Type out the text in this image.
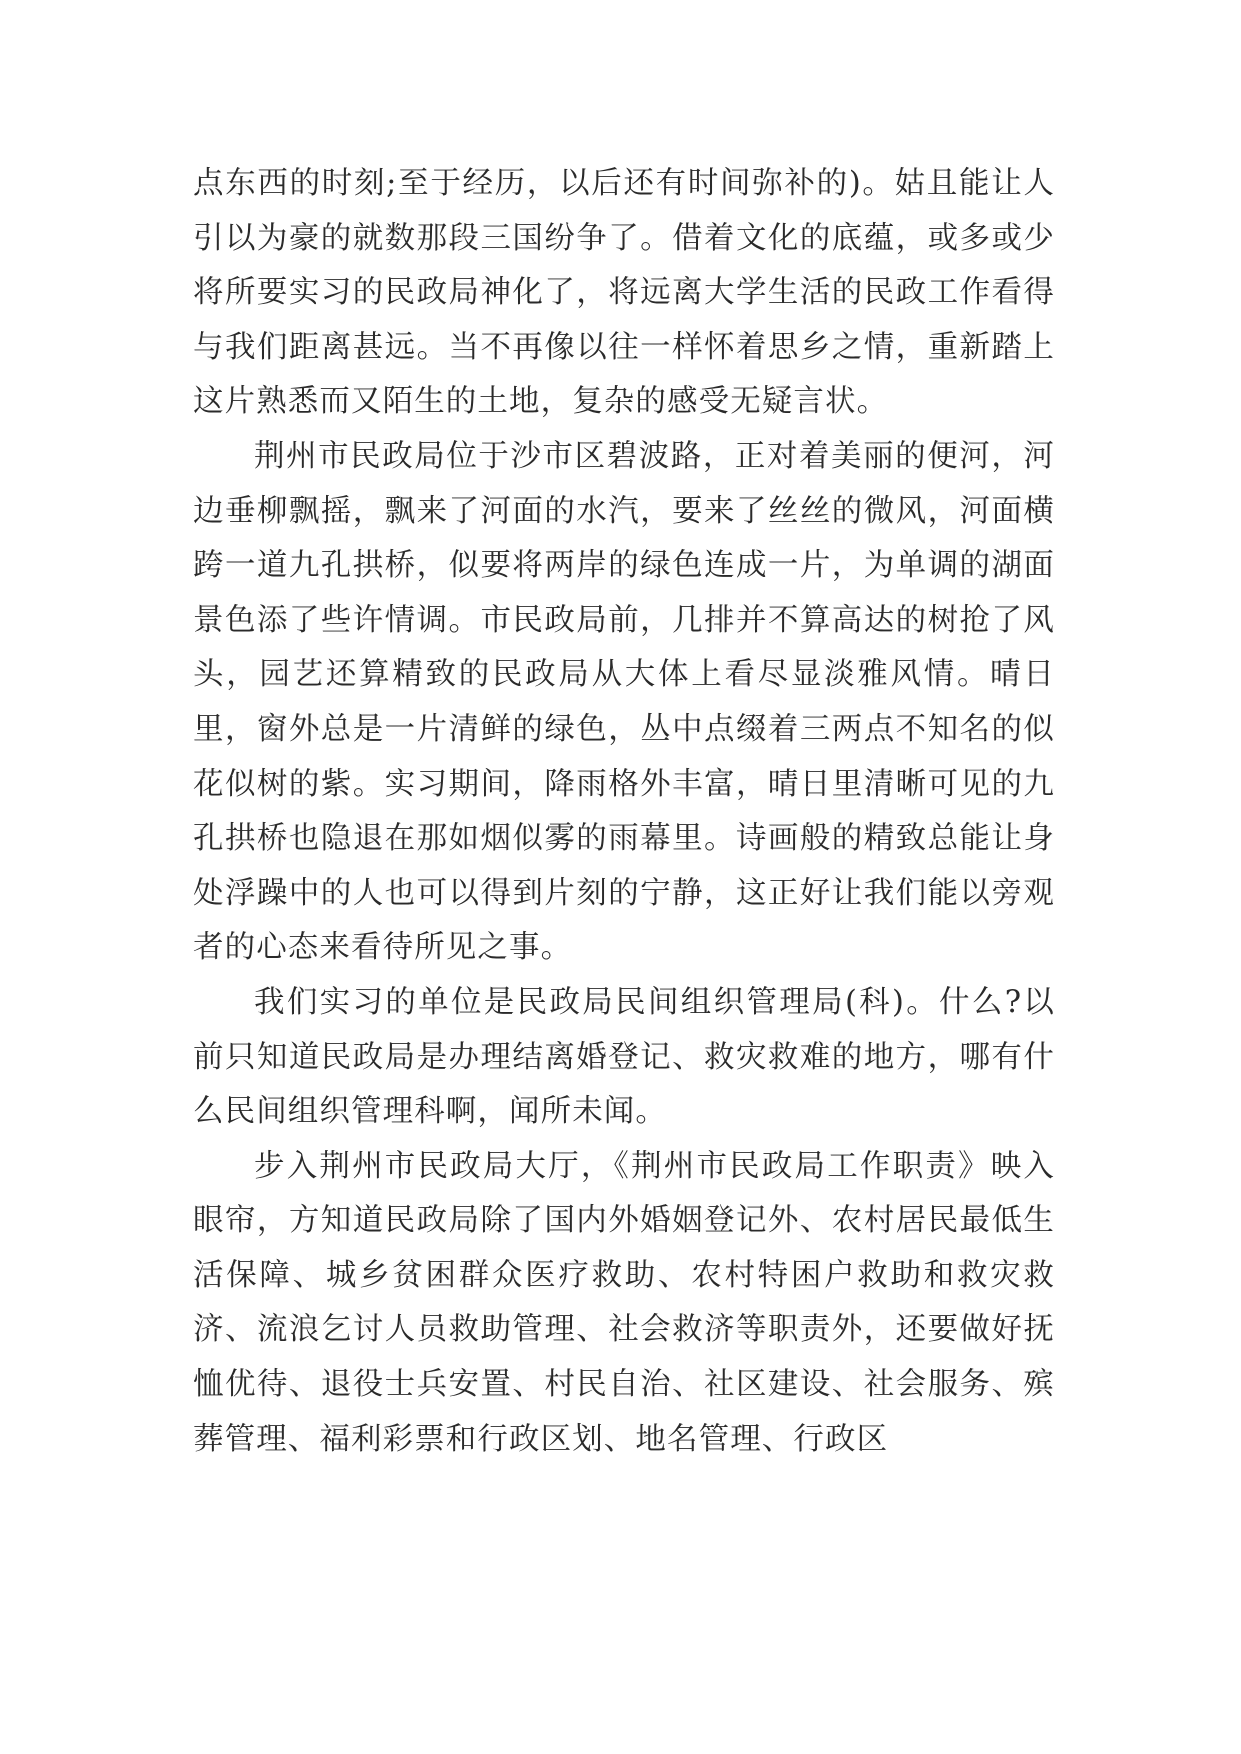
点东西的时刻;至于经历，以后还有时间弥补的)。姑且能让人引以为豪的就数那段三国纷争了。借着文化的底蕴，或多或少将所要实习的民政局神化了，将远离大学生活的民政工作看得与我们距离甚远。当不再像以往一样怀着思乡之情，重新踏上这片熟悉而又陌生的土地，复杂的感受无疑言状。

荆州市民政局位于沙市区碧波路，正对着美丽的便河，河边垂柳飘摇，飘来了河面的水汽，要来了丝丝的微风，河面横跨一道九孔拱桥，似要将两岸的绿色连成一片，为单调的湖面景色添了些许情调。市民政局前，几排并不算高达的树抢了风头，园艺还算精致的民政局从大体上看尽显淡雅风情。晴日里，窗外总是一片清鲜的绿色，丛中点缀着三两点不知名的似花似树的紫。实习期间，降雨格外丰富，晴日里清晰可见的九孔拱桥也隐退在那如烟似雾的雨幕里。诗画般的精致总能让身处浮躁中的人也可以得到片刻的宁静，这正好让我们能以旁观者的心态来看待所见之事。

我们实习的单位是民政局民间组织管理局(科)。什么?以前只知道民政局是办理结离婚登记、救灾救难的地方，哪有什么民间组织管理科啊，闻所未闻。

步入荆州市民政局大厅，《荆州市民政局工作职责》映入眼帘，方知道民政局除了国内外婚姻登记外、农村居民最低生活保障、城乡贫困群众医疗救助、农村特困户救助和救灾救济、流浪乞讨人员救助管理、社会救济等职责外，还要做好抚恤优待、退役士兵安置、村民自治、社区建设、社会服务、殡葬管理、福利彩票和行政区划、地名管理、行政区
